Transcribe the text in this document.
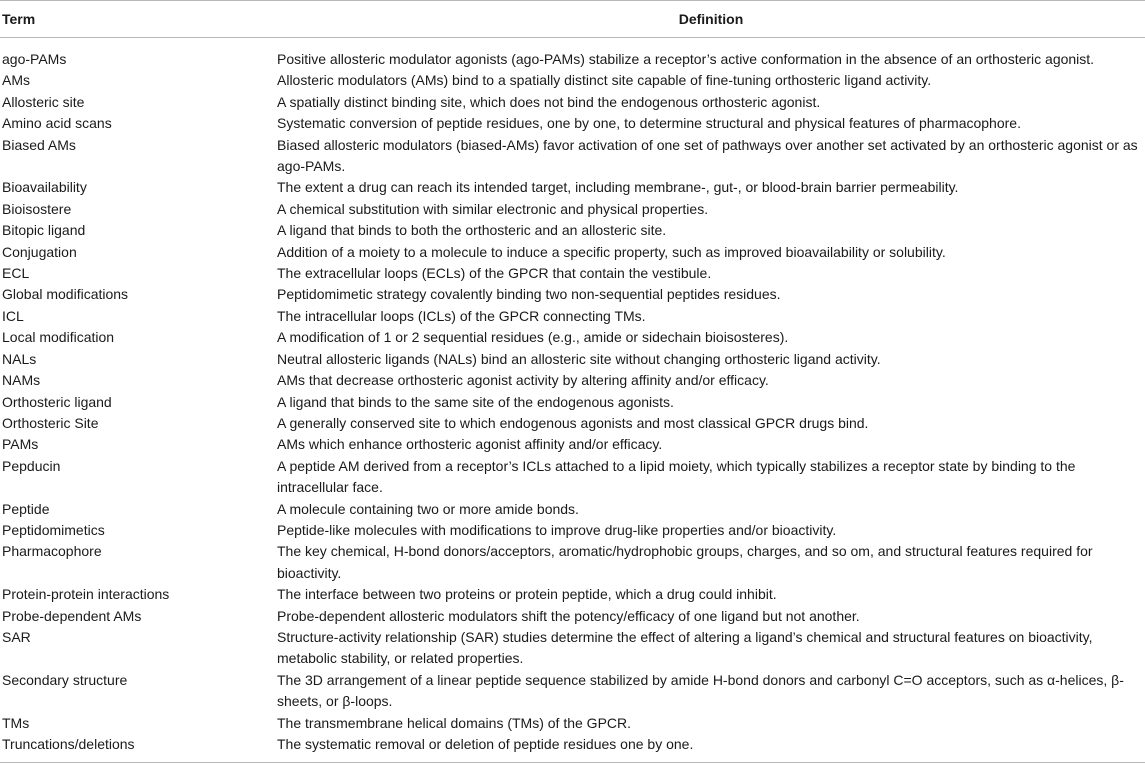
Term	Definition
ago-PAMs	Positive allosteric modulator agonists (ago-PAMs) stabilize a receptor’s active conformation in the absence of an orthosteric agonist.
AMs	Allosteric modulators (AMs) bind to a spatially distinct site capable of fine-tuning orthosteric ligand activity.
Allosteric site	A spatially distinct binding site, which does not bind the endogenous orthosteric agonist.
Amino acid scans	Systematic conversion of peptide residues, one by one, to determine structural and physical features of pharmacophore.
Biased AMs	Biased allosteric modulators (biased-AMs) favor activation of one set of pathways over another set activated by an orthosteric agonist or as ago-PAMs.
Bioavailability	The extent a drug can reach its intended target, including membrane-, gut-, or blood-brain barrier permeability.
Bioisostere	A chemical substitution with similar electronic and physical properties.
Bitopic ligand	A ligand that binds to both the orthosteric and an allosteric site.
Conjugation	Addition of a moiety to a molecule to induce a specific property, such as improved bioavailability or solubility.
ECL	The extracellular loops (ECLs) of the GPCR that contain the vestibule.
Global modifications	Peptidomimetic strategy covalently binding two non-sequential peptides residues.
ICL	The intracellular loops (ICLs) of the GPCR connecting TMs.
Local modification	A modification of 1 or 2 sequential residues (e.g., amide or sidechain bioisosteres).
NALs	Neutral allosteric ligands (NALs) bind an allosteric site without changing orthosteric ligand activity.
NAMs	AMs that decrease orthosteric agonist activity by altering affinity and/or efficacy.
Orthosteric ligand	A ligand that binds to the same site of the endogenous agonists.
Orthosteric Site	A generally conserved site to which endogenous agonists and most classical GPCR drugs bind.
PAMs	AMs which enhance orthosteric agonist affinity and/or efficacy.
Pepducin	A peptide AM derived from a receptor’s ICLs attached to a lipid moiety, which typically stabilizes a receptor state by binding to the intracellular face.
Peptide	A molecule containing two or more amide bonds.
Peptidomimetics	Peptide-like molecules with modifications to improve drug-like properties and/or bioactivity.
Pharmacophore	The key chemical, H-bond donors/acceptors, aromatic/hydrophobic groups, charges, and so om, and structural features required for bioactivity.
Protein-protein interactions	The interface between two proteins or protein peptide, which a drug could inhibit.
Probe-dependent AMs	Probe-dependent allosteric modulators shift the potency/efficacy of one ligand but not another.
SAR	Structure-activity relationship (SAR) studies determine the effect of altering a ligand’s chemical and structural features on bioactivity, metabolic stability, or related properties.
Secondary structure	The 3D arrangement of a linear peptide sequence stabilized by amide H-bond donors and carbonyl C=O acceptors, such as α-helices, β-sheets, or β-loops.
TMs	The transmembrane helical domains (TMs) of the GPCR.
Truncations/deletions	The systematic removal or deletion of peptide residues one by one.
